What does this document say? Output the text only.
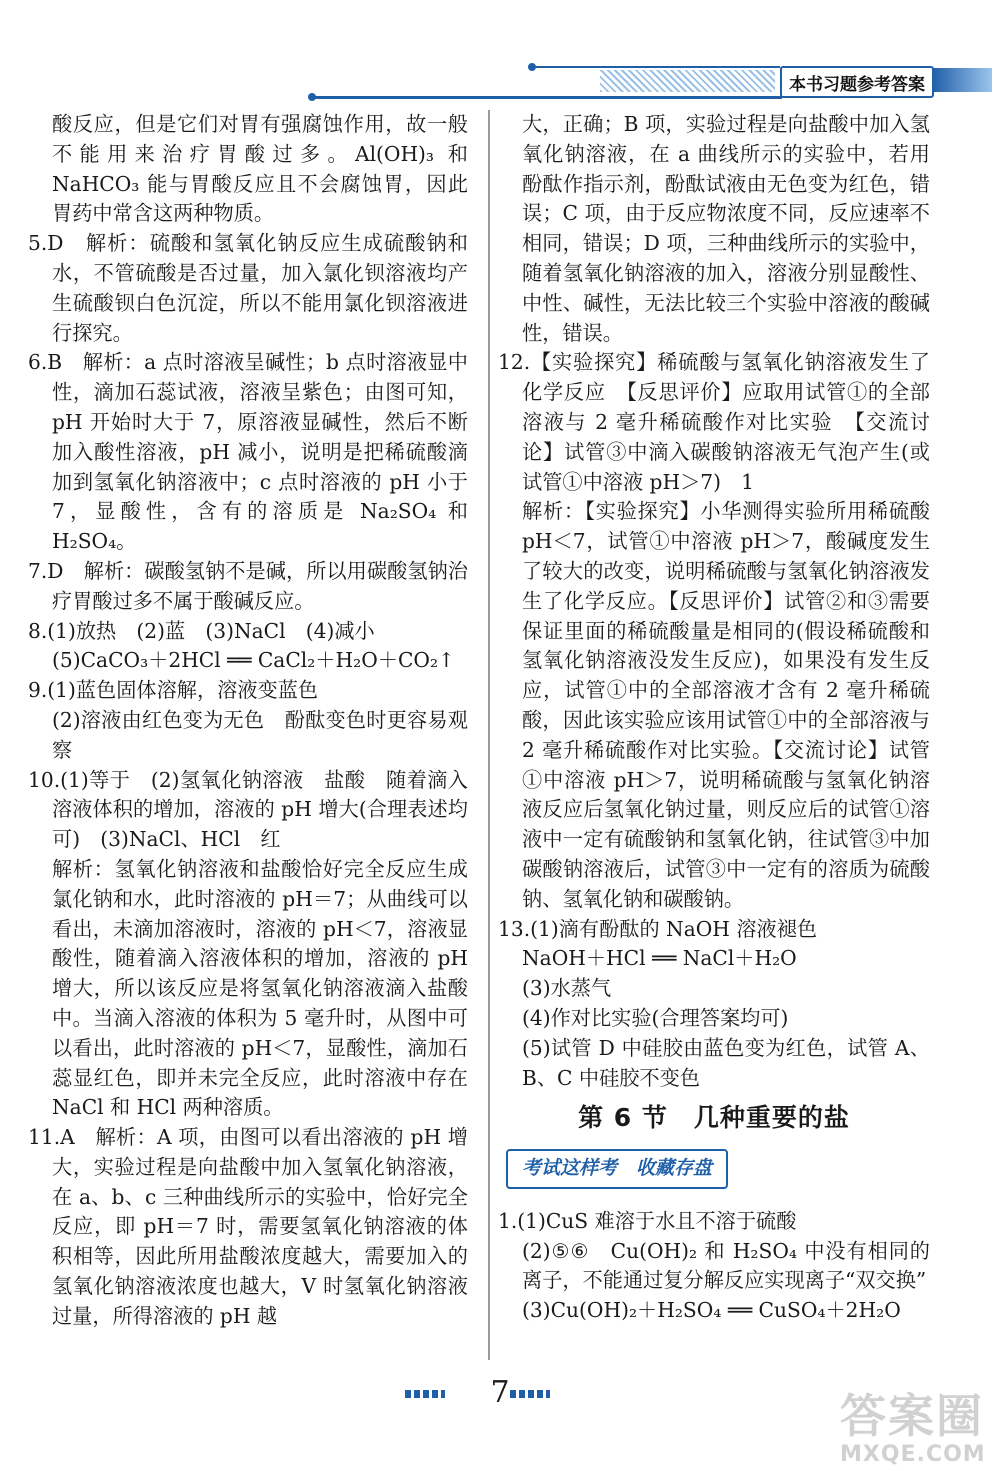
本书习题参考答案

酸反应，但是它们对胃有强腐蚀作用，故一般不能用来治疗胃酸过多。Al(OH)₃ 和 NaHCO₃ 能与胃酸反应且不会腐蚀胃，因此胃药中常含这两种物质。

5.D　解析：硫酸和氢氧化钠反应生成硫酸钠和水，不管硫酸是否过量，加入氯化钡溶液均产生硫酸钡白色沉淀，所以不能用氯化钡溶液进行探究。

6.B　解析：a 点时溶液呈碱性；b 点时溶液显中性，滴加石蕊试液，溶液呈紫色；由图可知，pH 开始时大于 7，原溶液显碱性，然后不断加入酸性溶液，pH 减小，说明是把稀硫酸滴加到氢氧化钠溶液中；c 点时溶液的 pH 小于 7，显酸性，含有的溶质是 Na₂SO₄ 和 H₂SO₄。

7.D　解析：碳酸氢钠不是碱，所以用碳酸氢钠治疗胃酸过多不属于酸碱反应。

8.(1)放热　(2)蓝　(3)NaCl　(4)减小

(5)CaCO₃＋2HCl ══ CaCl₂＋H₂O＋CO₂↑

9.(1)蓝色固体溶解，溶液变蓝色

(2)溶液由红色变为无色　酚酞变色时更容易观察

10.(1)等于　(2)氢氧化钠溶液　盐酸　随着滴入溶液体积的增加，溶液的 pH 增大(合理表述均可)　(3)NaCl、HCl　红

解析：氢氧化钠溶液和盐酸恰好完全反应生成氯化钠和水，此时溶液的 pH＝7；从曲线可以看出，未滴加溶液时，溶液的 pH＜7，溶液显酸性，随着滴入溶液体积的增加，溶液的 pH 增大，所以该反应是将氢氧化钠溶液滴入盐酸中。当滴入溶液的体积为 5 毫升时，从图中可以看出，此时溶液的 pH＜7，显酸性，滴加石蕊显红色，即并未完全反应，此时溶液中存在 NaCl 和 HCl 两种溶质。

11.A　解析：A 项，由图可以看出溶液的 pH 增大，实验过程是向盐酸中加入氢氧化钠溶液，在 a、b、c 三种曲线所示的实验中，恰好完全反应，即 pH＝7 时，需要氢氧化钠溶液的体积相等，因此所用盐酸浓度越大，需要加入的氢氧化钠溶液浓度也越大，V 时氢氧化钠溶液过量，所得溶液的 pH 越

大，正确；B 项，实验过程是向盐酸中加入氢氧化钠溶液，在 a 曲线所示的实验中，若用酚酞作指示剂，酚酞试液由无色变为红色，错误；C 项，由于反应物浓度不同，反应速率不相同，错误；D 项，三种曲线所示的实验中，随着氢氧化钠溶液的加入，溶液分别显酸性、中性、碱性，无法比较三个实验中溶液的酸碱性，错误。

12.【实验探究】稀硫酸与氢氧化钠溶液发生了化学反应　【反思评价】应取用试管①的全部溶液与 2 毫升稀硫酸作对比实验　【交流讨论】试管③中滴入碳酸钠溶液无气泡产生(或试管①中溶液 pH＞7)　1

解析：【实验探究】小华测得实验所用稀硫酸 pH＜7，试管①中溶液 pH＞7，酸碱度发生了较大的改变，说明稀硫酸与氢氧化钠溶液发生了化学反应。【反思评价】试管②和③需要保证里面的稀硫酸量是相同的(假设稀硫酸和氢氧化钠溶液没发生反应)，如果没有发生反应，试管①中的全部溶液才含有 2 毫升稀硫酸，因此该实验应该用试管①中的全部溶液与 2 毫升稀硫酸作对比实验。【交流讨论】试管①中溶液 pH＞7，说明稀硫酸与氢氧化钠溶液反应后氢氧化钠过量，则反应后的试管①溶液中一定有硫酸钠和氢氧化钠，往试管③中加碳酸钠溶液后，试管③中一定有的溶质为硫酸钠、氢氧化钠和碳酸钠。

13.(1)滴有酚酞的 NaOH 溶液褪色

NaOH＋HCl ══ NaCl＋H₂O

(3)水蒸气

(4)作对比实验(合理答案均可)

(5)试管 D 中硅胶由蓝色变为红色，试管 A、B、C 中硅胶不变色

第 6 节　几种重要的盐
考试这样考　收藏存盘

1.(1)CuS 难溶于水且不溶于硫酸

(2)⑤⑥　Cu(OH)₂ 和 H₂SO₄ 中没有相同的离子，不能通过复分解反应实现离子“双交换”

(3)Cu(OH)₂＋H₂SO₄ ══ CuSO₄＋2H₂O

7	答案圈
MXQE.COM
